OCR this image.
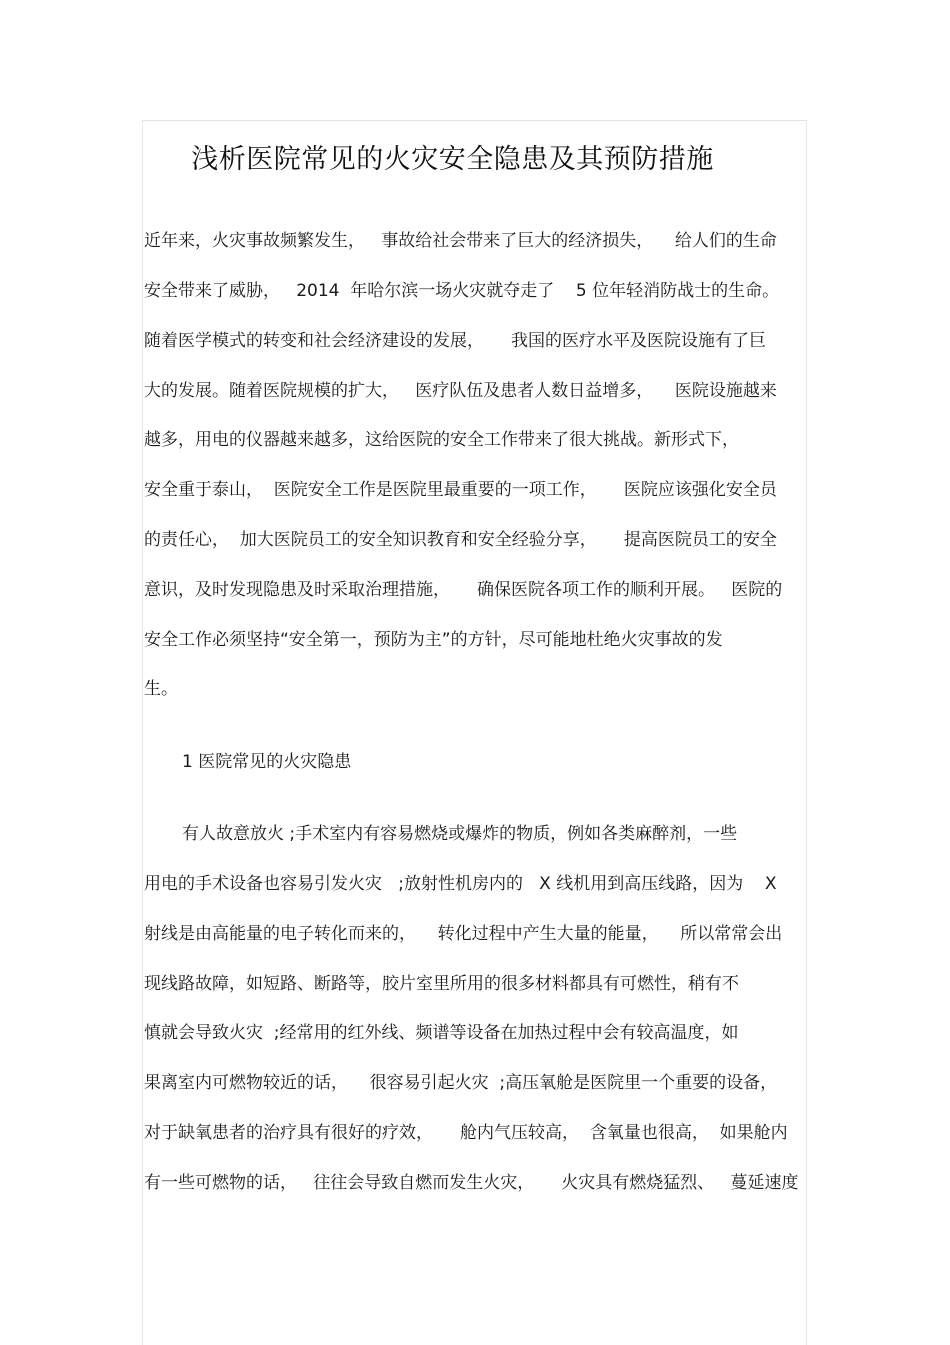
浅析医院常见的火灾安全隐患及其预防措施
近年来，火灾事故频繁发生，   事故给社会带来了巨大的经济损失，    给人们的生命
安全带来了威胁，   2014  年哈尔滨一场火灾就夺走了    5 位年轻消防战士的生命。
随着医学模式的转变和社会经济建设的发展，     我国的医疗水平及医院设施有了巨
大的发展。随着医院规模的扩大，   医疗队伍及患者人数日益增多，    医院设施越来
越多，用电的仪器越来越多，这给医院的安全工作带来了很大挑战。新形式下，
安全重于泰山，  医院安全工作是医院里最重要的一项工作，     医院应该强化安全员
的责任心，  加大医院员工的安全知识教育和安全经验分享，     提高医院员工的安全
意识，及时发现隐患及时采取治理措施，     确保医院各项工作的顺利开展。   医院的
安全工作必须坚持“安全第一，预防为主”的方针，尽可能地杜绝火灾事故的发
生。
1 医院常见的火灾隐患
有人故意放火 ;手术室内有容易燃烧或爆炸的物质，例如各类麻醉剂，一些
用电的手术设备也容易引发火灾   ;放射性机房内的   X 线机用到高压线路，因为    X
射线是由高能量的电子转化而来的，    转化过程中产生大量的能量，    所以常常会出
现线路故障，如短路、断路等，胶片室里所用的很多材料都具有可燃性，稍有不
慎就会导致火灾  ;经常用的红外线、频谱等设备在加热过程中会有较高温度，如
果离室内可燃物较近的话，    很容易引起火灾  ;高压氧舱是医院里一个重要的设备，
对于缺氧患者的治疗具有很好的疗效，     舱内气压较高，  含氧量也很高，  如果舱内
有一些可燃物的话，   往往会导致自燃而发生火灾，     火灾具有燃烧猛烈、   蔓延速度
